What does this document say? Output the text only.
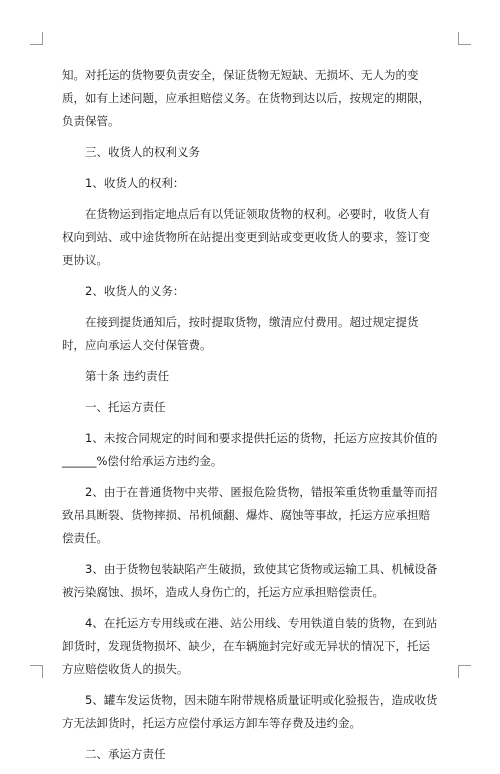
知。对托运的货物要负责安全，保证货物无短缺、无损坏、无人为的变质，如有上述问题，应承担赔偿义务。在货物到达以后，按规定的期限，负责保管。

三、收货人的权利义务

1、收货人的权利：

在货物运到指定地点后有以凭证领取货物的权利。必要时，收货人有权向到站、或中途货物所在站提出变更到站或变更收货人的要求，签订变更协议。

2、收货人的义务：

在接到提货通知后，按时提取货物，缴清应付费用。超过规定提货时，应向承运人交付保管费。

第十条 违约责任

一、托运方责任

1、未按合同规定的时间和要求提供托运的货物，托运方应按其价值的______%偿付给承运方违约金。

2、由于在普通货物中夹带、匿报危险货物，错报笨重货物重量等而招致吊具断裂、货物摔损、吊机倾翻、爆炸、腐蚀等事故，托运方应承担赔偿责任。

3、由于货物包装缺陷产生破损，致使其它货物或运输工具、机械设备被污染腐蚀、损坏，造成人身伤亡的，托运方应承担赔偿责任。

4、在托运方专用线或在港、站公用线、专用铁道自装的货物，在到站卸货时，发现货物损坏、缺少，在车辆施封完好或无异状的情况下，托运方应赔偿收货人的损失。

5、罐车发运货物，因未随车附带规格质量证明或化验报告，造成收货方无法卸货时，托运方应偿付承运方卸车等存费及违约金。

二、承运方责任
